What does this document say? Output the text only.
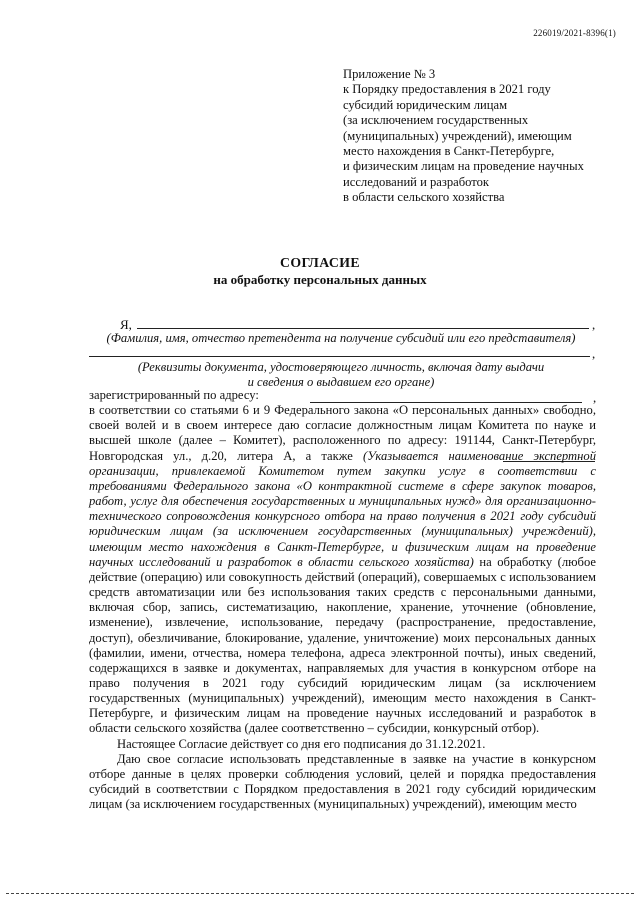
226019/2021-8396(1)
Приложение № 3
к Порядку предоставления в 2021 году
субсидий юридическим лицам
(за исключением государственных
(муниципальных) учреждений), имеющим
место нахождения в Санкт-Петербурге,
и физическим лицам на проведение научных
исследований и разработок
в области сельского хозяйства
СОГЛАСИЕ
на обработку персональных данных
Я,	,
(Фамилия, имя, отчество претендента на получение субсидий или его представителя)
,
(Реквизиты документа, удостоверяющего личность, включая дату выдачи
и сведения о выдавшем его органе)
,
зарегистрированный по адресу:
в соответствии со статьями 6 и 9 Федерального закона «О персональных данных» свободно, своей волей и в своем интересе даю согласие должностным лицам Комитета по науке и высшей школе (далее – Комитет), расположенного по адресу: 191144, Санкт-Петербург, Новгородская ул., д.20, литера А, а также (Указывается наименование экспертной организации, привлекаемой Комитетом путем закупки услуг в соответствии с требованиями Федерального закона «О контрактной системе в сфере закупок товаров, работ, услуг для обеспечения государственных и муниципальных нужд» для организационно-технического сопровождения конкурсного отбора на право получения в 2021 году субсидий юридическим лицам (за исключением государственных (муниципальных) учреждений), имеющим место нахождения в Санкт-Петербурге, и физическим лицам на проведение научных исследований и разработок в области сельского хозяйства) на обработку (любое действие (операцию) или совокупность действий (операций), совершаемых с использованием средств автоматизации или без использования таких средств с персональными данными, включая сбор, запись, систематизацию, накопление, хранение, уточнение (обновление, изменение), извлечение, использование, передачу (распространение, предоставление, доступ), обезличивание, блокирование, удаление, уничтожение) моих персональных данных (фамилии, имени, отчества, номера телефона, адреса электронной почты), иных сведений, содержащихся в заявке и документах, направляемых для участия в конкурсном отборе на право получения в 2021 году субсидий юридическим лицам (за исключением государственных (муниципальных) учреждений), имеющим место нахождения в Санкт-Петербурге, и физическим лицам на проведение научных исследований и разработок в области сельского хозяйства (далее соответственно – субсидии, конкурсный отбор).
Настоящее Согласие действует со дня его подписания до 31.12.2021.
Даю свое согласие использовать представленные в заявке на участие в конкурсном отборе данные в целях проверки соблюдения условий, целей и порядка предоставления субсидий в соответствии с Порядком предоставления в 2021 году субсидий юридическим лицам (за исключением государственных (муниципальных) учреждений), имеющим место
